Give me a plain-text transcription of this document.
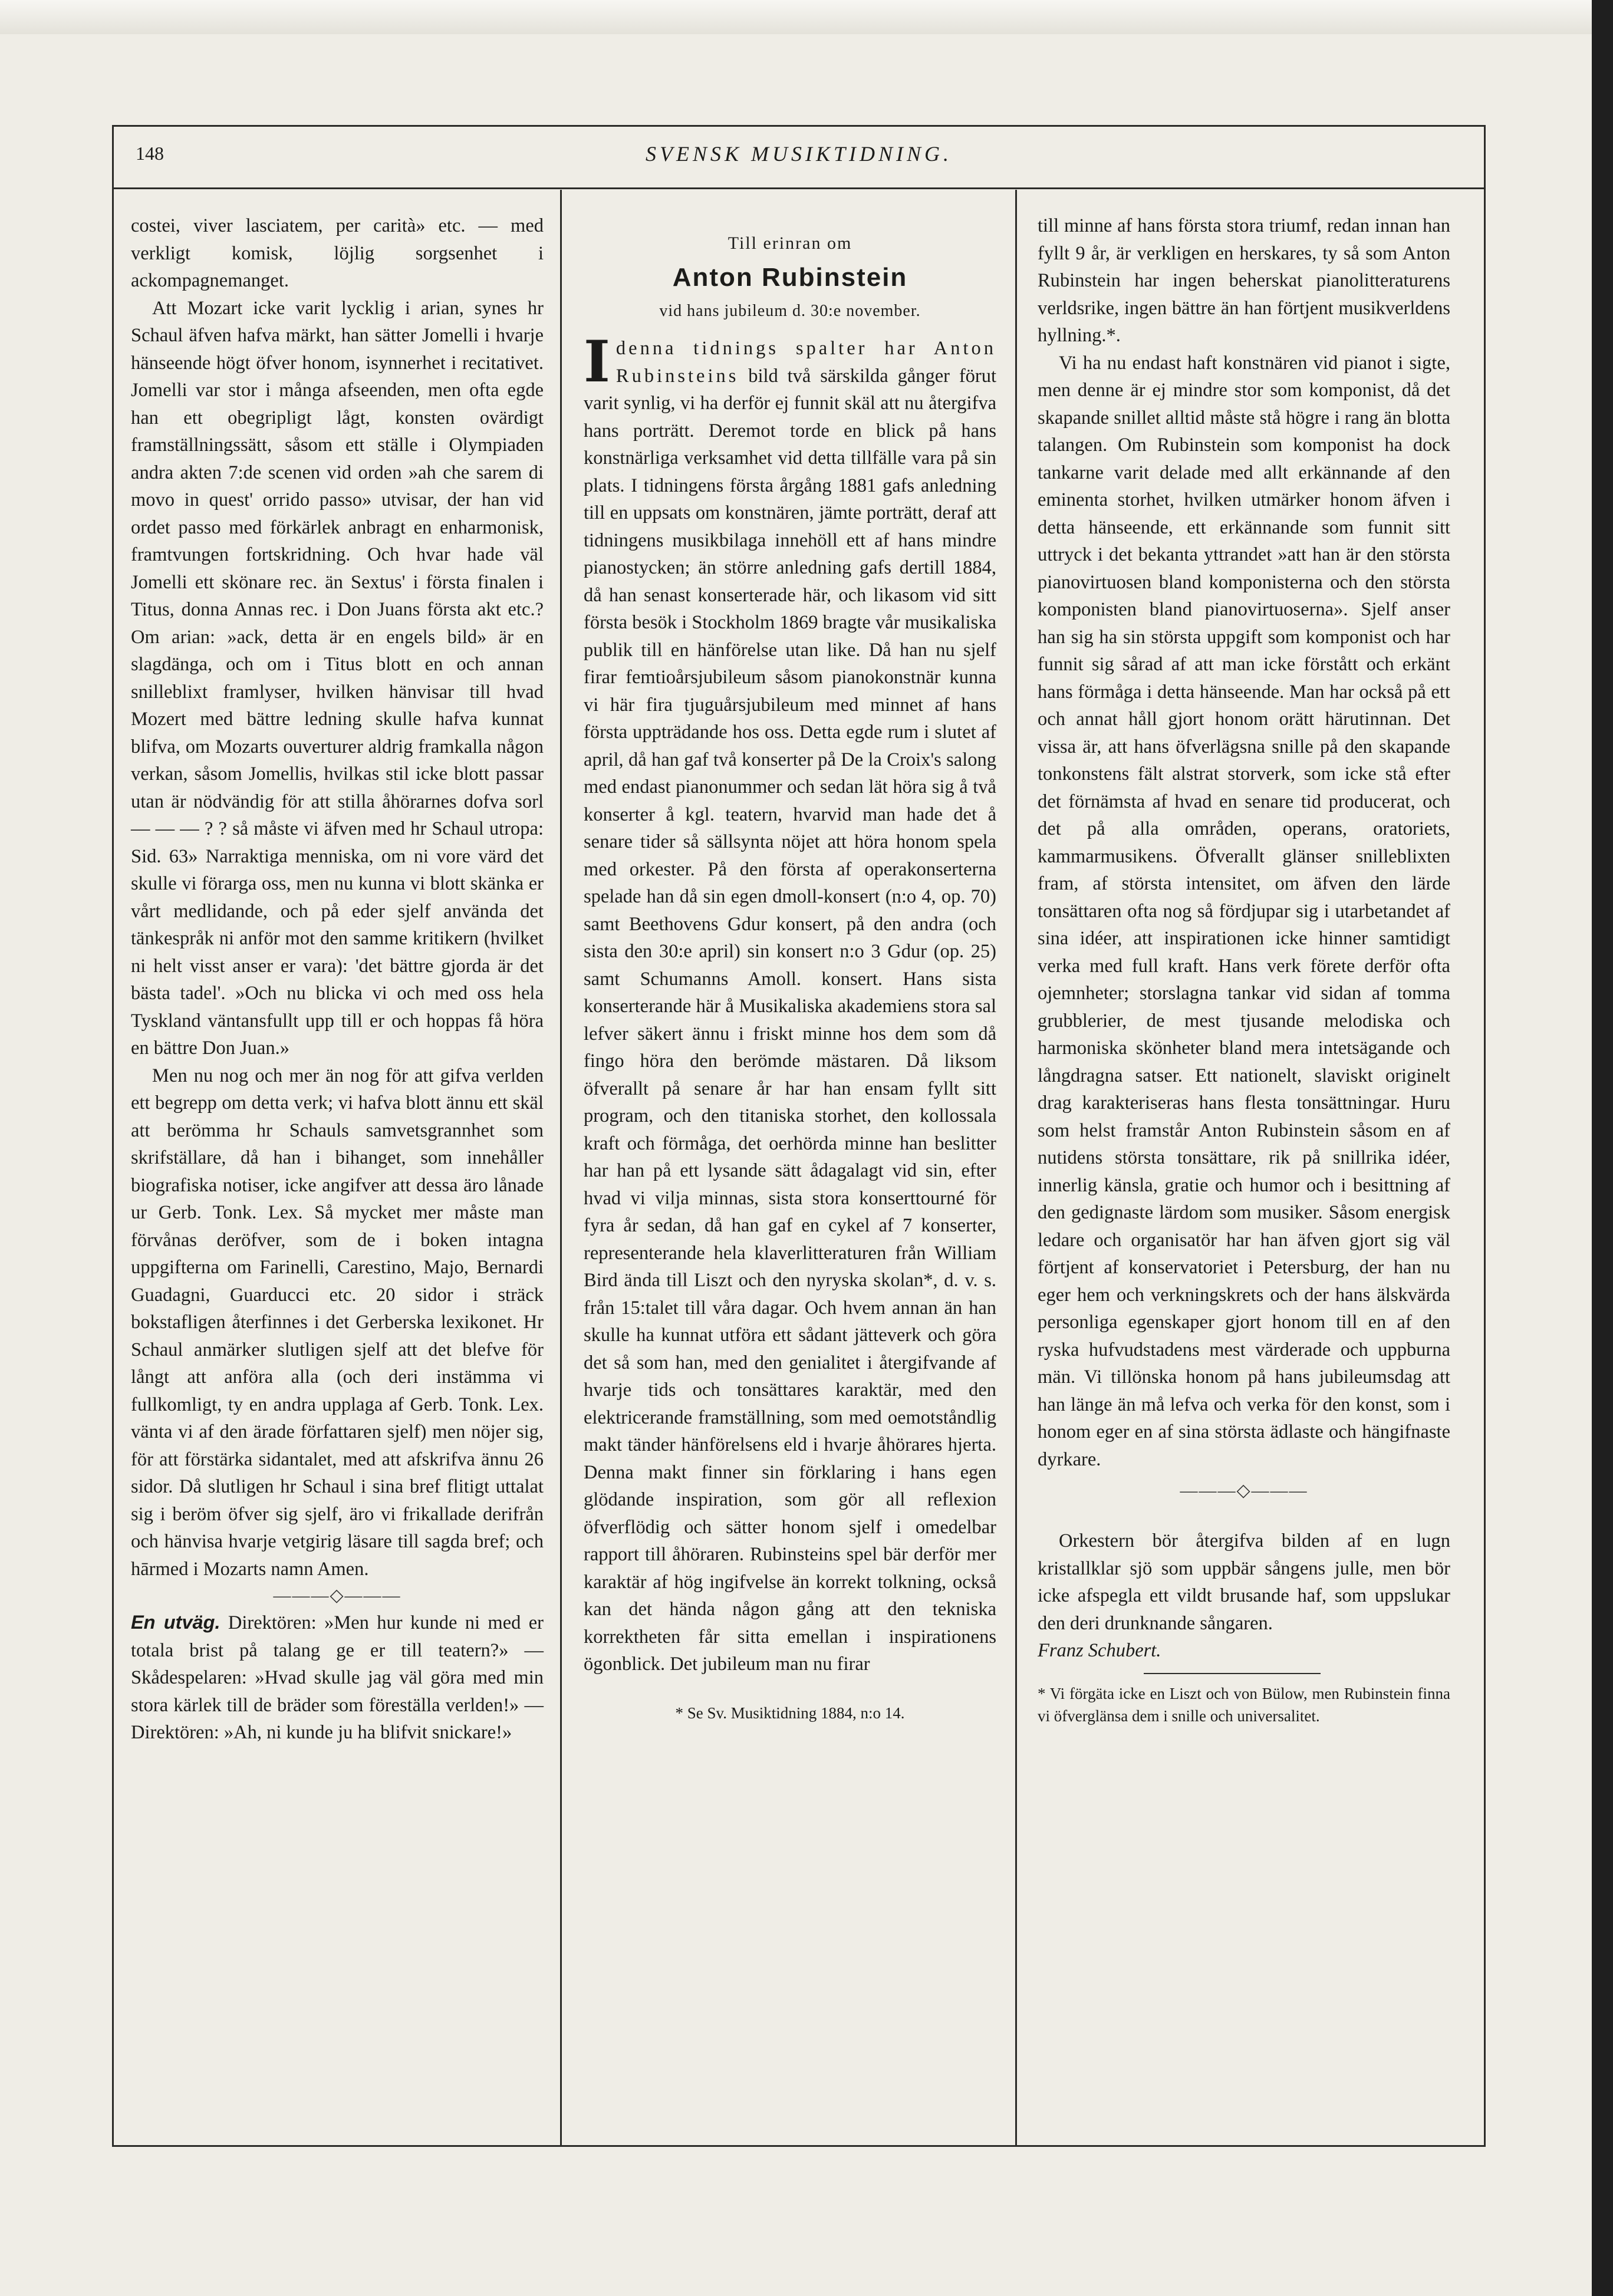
148	SVENSK MUSIKTIDNING.

costei, viver lasciatem, per carità» etc. — med verkligt komisk, löjlig sorgsenhet i ackompagnemanget.

Att Mozart icke varit lycklig i arian, synes hr Schaul äfven hafva märkt, han sätter Jomelli i hvarje hänseende högt öfver honom, isynnerhet i recitativet. Jomelli var stor i många afseenden, men ofta egde han ett obegripligt lågt, konsten ovärdigt framställningssätt, såsom ett ställe i Olympiaden andra akten 7:de scenen vid orden »ah che sarem di movo in quest' orrido passo» utvisar, der han vid ordet passo med förkärlek anbragt en enharmonisk, framtvungen fortskridning. Och hvar hade väl Jomelli ett skönare rec. än Sextus' i första finalen i Titus, donna Annas rec. i Don Juans första akt etc.? Om arian: »ack, detta är en engels bild» är en slagdänga, och om i Titus blott en och annan snilleblixt framlyser, hvilken hänvisar till hvad Mozert med bättre ledning skulle hafva kunnat blifva, om Mozarts ouverturer aldrig framkalla någon verkan, såsom Jomellis, hvilkas stil icke blott passar utan är nödvändig för att stilla åhörarnes dofva sorl — — — ? ? så måste vi äfven med hr Schaul utropa: Sid. 63» Narraktiga menniska, om ni vore värd det skulle vi förarga oss, men nu kunna vi blott skänka er vårt medlidande, och på eder sjelf använda det tänkespråk ni anför mot den samme kritikern (hvilket ni helt visst anser er vara): 'det bättre gjorda är det bästa tadel'. »Och nu blicka vi och med oss hela Tyskland väntansfullt upp till er och hoppas få höra en bättre Don Juan.»

Men nu nog och mer än nog för att gifva verlden ett begrepp om detta verk; vi hafva blott ännu ett skäl att berömma hr Schauls samvetsgrannhet som skrifställare, då han i bihanget, som innehåller biografiska notiser, icke angifver att dessa äro lånade ur Gerb. Tonk. Lex. Så mycket mer måste man förvånas deröfver, som de i boken intagna uppgifterna om Farinelli, Carestino, Majo, Bernardi Guadagni, Guarducci etc. 20 sidor i sträck bokstafligen återfinnes i det Gerberska lexikonet. Hr Schaul anmärker slutligen sjelf att det blefve för långt att anföra alla (och deri instämma vi fullkomligt, ty en andra upplaga af Gerb. Tonk. Lex. vänta vi af den ärade författaren sjelf) men nöjer sig, för att förstärka sidantalet, med att afskrifva ännu 26 sidor. Då slutligen hr Schaul i sina bref flitigt uttalat sig i beröm öfver sig sjelf, äro vi frikallade derifrån och hänvisa hvarje vetgirig läsare till sagda bref; och hārmed i Mozarts namn Amen.

———◇———

En utväg. Direktören: »Men hur kunde ni med er totala brist på talang ge er till teatern?» — Skådespelaren: »Hvad skulle jag väl göra med min stora kärlek till de bräder som föreställa verlden!» — Direktören: »Ah, ni kunde ju ha blifvit snickare!»

Till erinran om
Anton Rubinstein
vid hans jubileum d. 30:e november.

I denna tidnings spalter har Anton Rubinsteins bild två särskilda gånger förut varit synlig, vi ha derför ej funnit skäl att nu återgifva hans porträtt. Deremot torde en blick på hans konstnärliga verksamhet vid detta tillfälle vara på sin plats. I tidningens första årgång 1881 gafs anledning till en uppsats om konstnären, jämte porträtt, deraf att tidningens musikbilaga innehöll ett af hans mindre pianostycken; än större anledning gafs dertill 1884, då han senast konserterade här, och likasom vid sitt första besök i Stockholm 1869 bragte vår musikaliska publik till en hänförelse utan like. Då han nu sjelf firar femtioårsjubileum såsom pianokonstnär kunna vi här fira tjuguårsjubileum med minnet af hans första uppträdande hos oss. Detta egde rum i slutet af april, då han gaf två konserter på De la Croix's salong med endast pianonummer och sedan lät höra sig å två konserter å kgl. teatern, hvarvid man hade det å senare tider så sällsynta nöjet att höra honom spela med orkester. På den första af operakonserterna spelade han då sin egen dmoll-konsert (n:o 4, op. 70) samt Beethovens Gdur konsert, på den andra (och sista den 30:e april) sin konsert n:o 3 Gdur (op. 25) samt Schumanns Amoll. konsert. Hans sista konserterande här å Musikaliska akademiens stora sal lefver säkert ännu i friskt minne hos dem som då fingo höra den berömde mästaren. Då liksom öfverallt på senare år har han ensam fyllt sitt program, och den titaniska storhet, den kollossala kraft och förmåga, det oerhörda minne han beslitter har han på ett lysande sätt ådagalagt vid sin, efter hvad vi vilja minnas, sista stora konserttourné för fyra år sedan, då han gaf en cykel af 7 konserter, representerande hela klaverlitteraturen från William Bird ända till Liszt och den nyryska skolan*, d. v. s. från 15:talet till våra dagar. Och hvem annan än han skulle ha kunnat utföra ett sådant jätteverk och göra det så som han, med den genialitet i återgifvande af hvarje tids och tonsättares karaktär, med den elektricerande framställning, som med oemotståndlig makt tänder hänförelsens eld i hvarje åhörares hjerta. Denna makt finner sin förklaring i hans egen glödande inspiration, som gör all reflexion öfverflödig och sätter honom sjelf i omedelbar rapport till åhöraren. Rubinsteins spel bär derför mer karaktär af hög ingifvelse än korrekt tolkning, också kan det hända någon gång att den tekniska korrektheten får sitta emellan i inspirationens ögonblick. Det jubileum man nu firar

* Se Sv. Musiktidning 1884, n:o 14.

till minne af hans första stora triumf, redan innan han fyllt 9 år, är verkligen en herskares, ty så som Anton Rubinstein har ingen beherskat pianolitteraturens verldsrike, ingen bättre än han förtjent musikverldens hyllning.*.

Vi ha nu endast haft konstnären vid pianot i sigte, men denne är ej mindre stor som komponist, då det skapande snillet alltid måste stå högre i rang än blotta talangen. Om Rubinstein som komponist ha dock tankarne varit delade med allt erkännande af den eminenta storhet, hvilken utmärker honom äfven i detta hänseende, ett erkännande som funnit sitt uttryck i det bekanta yttrandet »att han är den största pianovirtuosen bland komponisterna och den största komponisten bland pianovirtuoserna». Sjelf anser han sig ha sin största uppgift som komponist och har funnit sig sårad af att man icke förstått och erkänt hans förmåga i detta hänseende. Man har också på ett och annat håll gjort honom orätt härutinnan. Det vissa är, att hans öfverlägsna snille på den skapande tonkonstens fält alstrat storverk, som icke stå efter det förnämsta af hvad en senare tid producerat, och det på alla områden, operans, oratoriets, kammarmusikens. Öfverallt glänser snilleblixten fram, af största intensitet, om äfven den lärde tonsättaren ofta nog så fördjupar sig i utarbetandet af sina idéer, att inspirationen icke hinner samtidigt verka med full kraft. Hans verk förete derför ofta ojemnheter; storslagna tankar vid sidan af tomma grubblerier, de mest tjusande melodiska och harmoniska skönheter bland mera intetsägande och långdragna satser. Ett nationelt, slaviskt originelt drag karakteriseras hans flesta tonsättningar. Huru som helst framstår Anton Rubinstein såsom en af nutidens största tonsättare, rik på snillrika idéer, innerlig känsla, gratie och humor och i besittning af den gedignaste lärdom som musiker. Såsom energisk ledare och organisatör har han äfven gjort sig väl förtjent af konservatoriet i Petersburg, der han nu eger hem och verkningskrets och der hans älskvärda personliga egenskaper gjort honom till en af den ryska hufvudstadens mest värderade och uppburna män. Vi tillönska honom på hans jubileumsdag att han länge än må lefva och verka för den konst, som i honom eger en af sina största ädlaste och hängifnaste dyrkare.

———◇———

Orkestern bör återgifva bilden af en lugn kristallklar sjö som uppbär sångens julle, men bör icke afspegla ett vildt brusande haf, som uppslukar den deri drunknande sångaren.

Franz Schubert.

* Vi förgäta icke en Liszt och von Bülow, men Rubinstein finna vi öfverglänsa dem i snille och universalitet.
